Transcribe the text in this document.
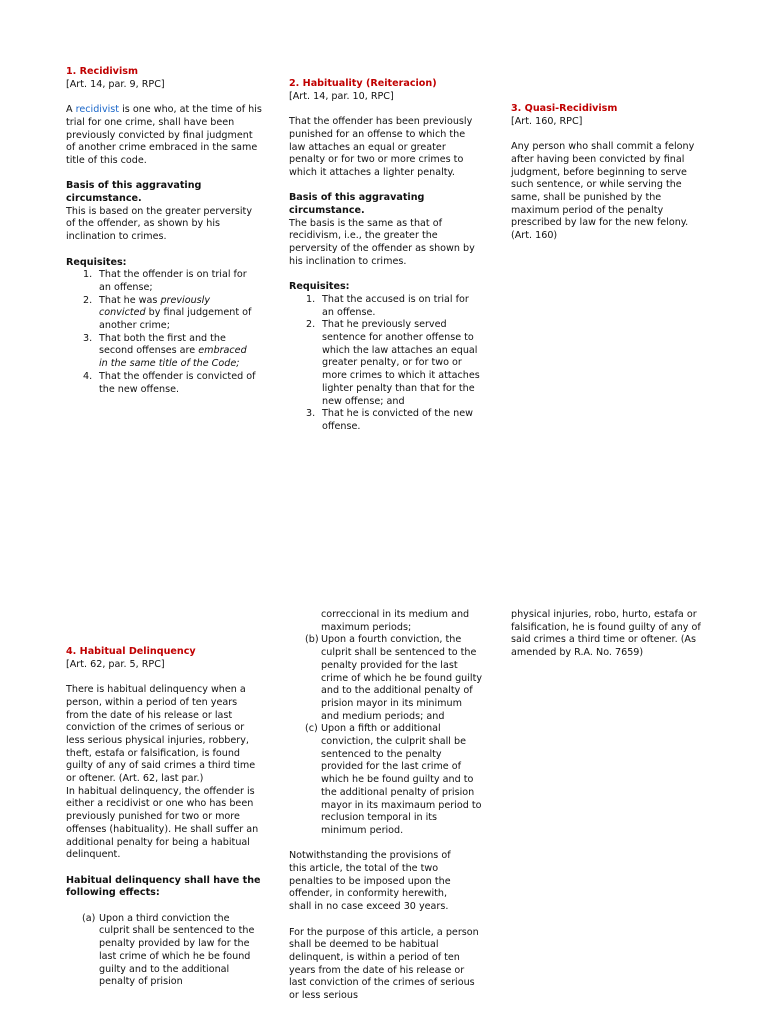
1. Recidivism

[Art. 14, par. 9, RPC]

A recidivist is one who, at the time of his trial for one crime, shall have been previously convicted by final judgment of another crime embraced in the same title of this code.

Basis of this aggravating circumstance.

This is based on the greater perversity of the offender, as shown by his inclination to crimes.

Requisites:

1. That the offender is on trial for an offense;
2. That he was previously convicted by final judgement of another crime;
3. That both the first and the second offenses are embraced in the same title of the Code;
4. That the offender is convicted of the new offense.

2. Habituality (Reiteracion)

[Art. 14, par. 10, RPC]

That the offender has been previously punished for an offense to which the law attaches an equal or greater penalty or for two or more crimes to which it attaches a lighter penalty.

Basis of this aggravating circumstance.

The basis is the same as that of recidivism, i.e., the greater the perversity of the offender as shown by his inclination to crimes.

Requisites:

1. That the accused is on trial for an offense.
2. That he previously served sentence for another offense to which the law attaches an equal greater penalty, or for two or more crimes to which it attaches lighter penalty than that for the new offense; and
3. That he is convicted of the new offense.

3. Quasi-Recidivism

[Art. 160, RPC]

Any person who shall commit a felony after having been convicted by final judgment, before beginning to serve such sentence, or while serving the same, shall be punished by the maximum period of the penalty prescribed by law for the new felony. (Art. 160)

4. Habitual Delinquency

[Art. 62, par. 5, RPC]

There is habitual delinquency when a person, within a period of ten years from the date of his release or last conviction of the crimes of serious or less serious physical injuries, robbery, theft, estafa or falsification, is found guilty of any of said crimes a third time or oftener. (Art. 62, last par.)

In habitual delinquency, the offender is either a recidivist or one who has been previously punished for two or more offenses (habituality). He shall suffer an additional penalty for being a habitual delinquent.

Habitual delinquency shall have the following effects:

(a) Upon a third conviction the culprit shall be sentenced to the penalty provided by law for the last crime of which he be found guilty and to the additional penalty of prision

correccional in its medium and maximum periods;

(b) Upon a fourth conviction, the culprit shall be sentenced to the penalty provided for the last crime of which he be found guilty and to the additional penalty of prision mayor in its minimum and medium periods; and
(c) Upon a fifth or additional conviction, the culprit shall be sentenced to the penalty provided for the last crime of which he be found guilty and to the additional penalty of prision mayor in its maximaum period to reclusion temporal in its minimum period.

Notwithstanding the provisions of this article, the total of the two penalties to be imposed upon the offender, in conformity herewith, shall in no case exceed 30 years.

For the purpose of this article, a person shall be deemed to be habitual delinquent, is within a period of ten years from the date of his release or last conviction of the crimes of serious or less serious

physical injuries, robo, hurto, estafa or falsification, he is found guilty of any of said crimes a third time or oftener. (As amended by R.A. No. 7659)
